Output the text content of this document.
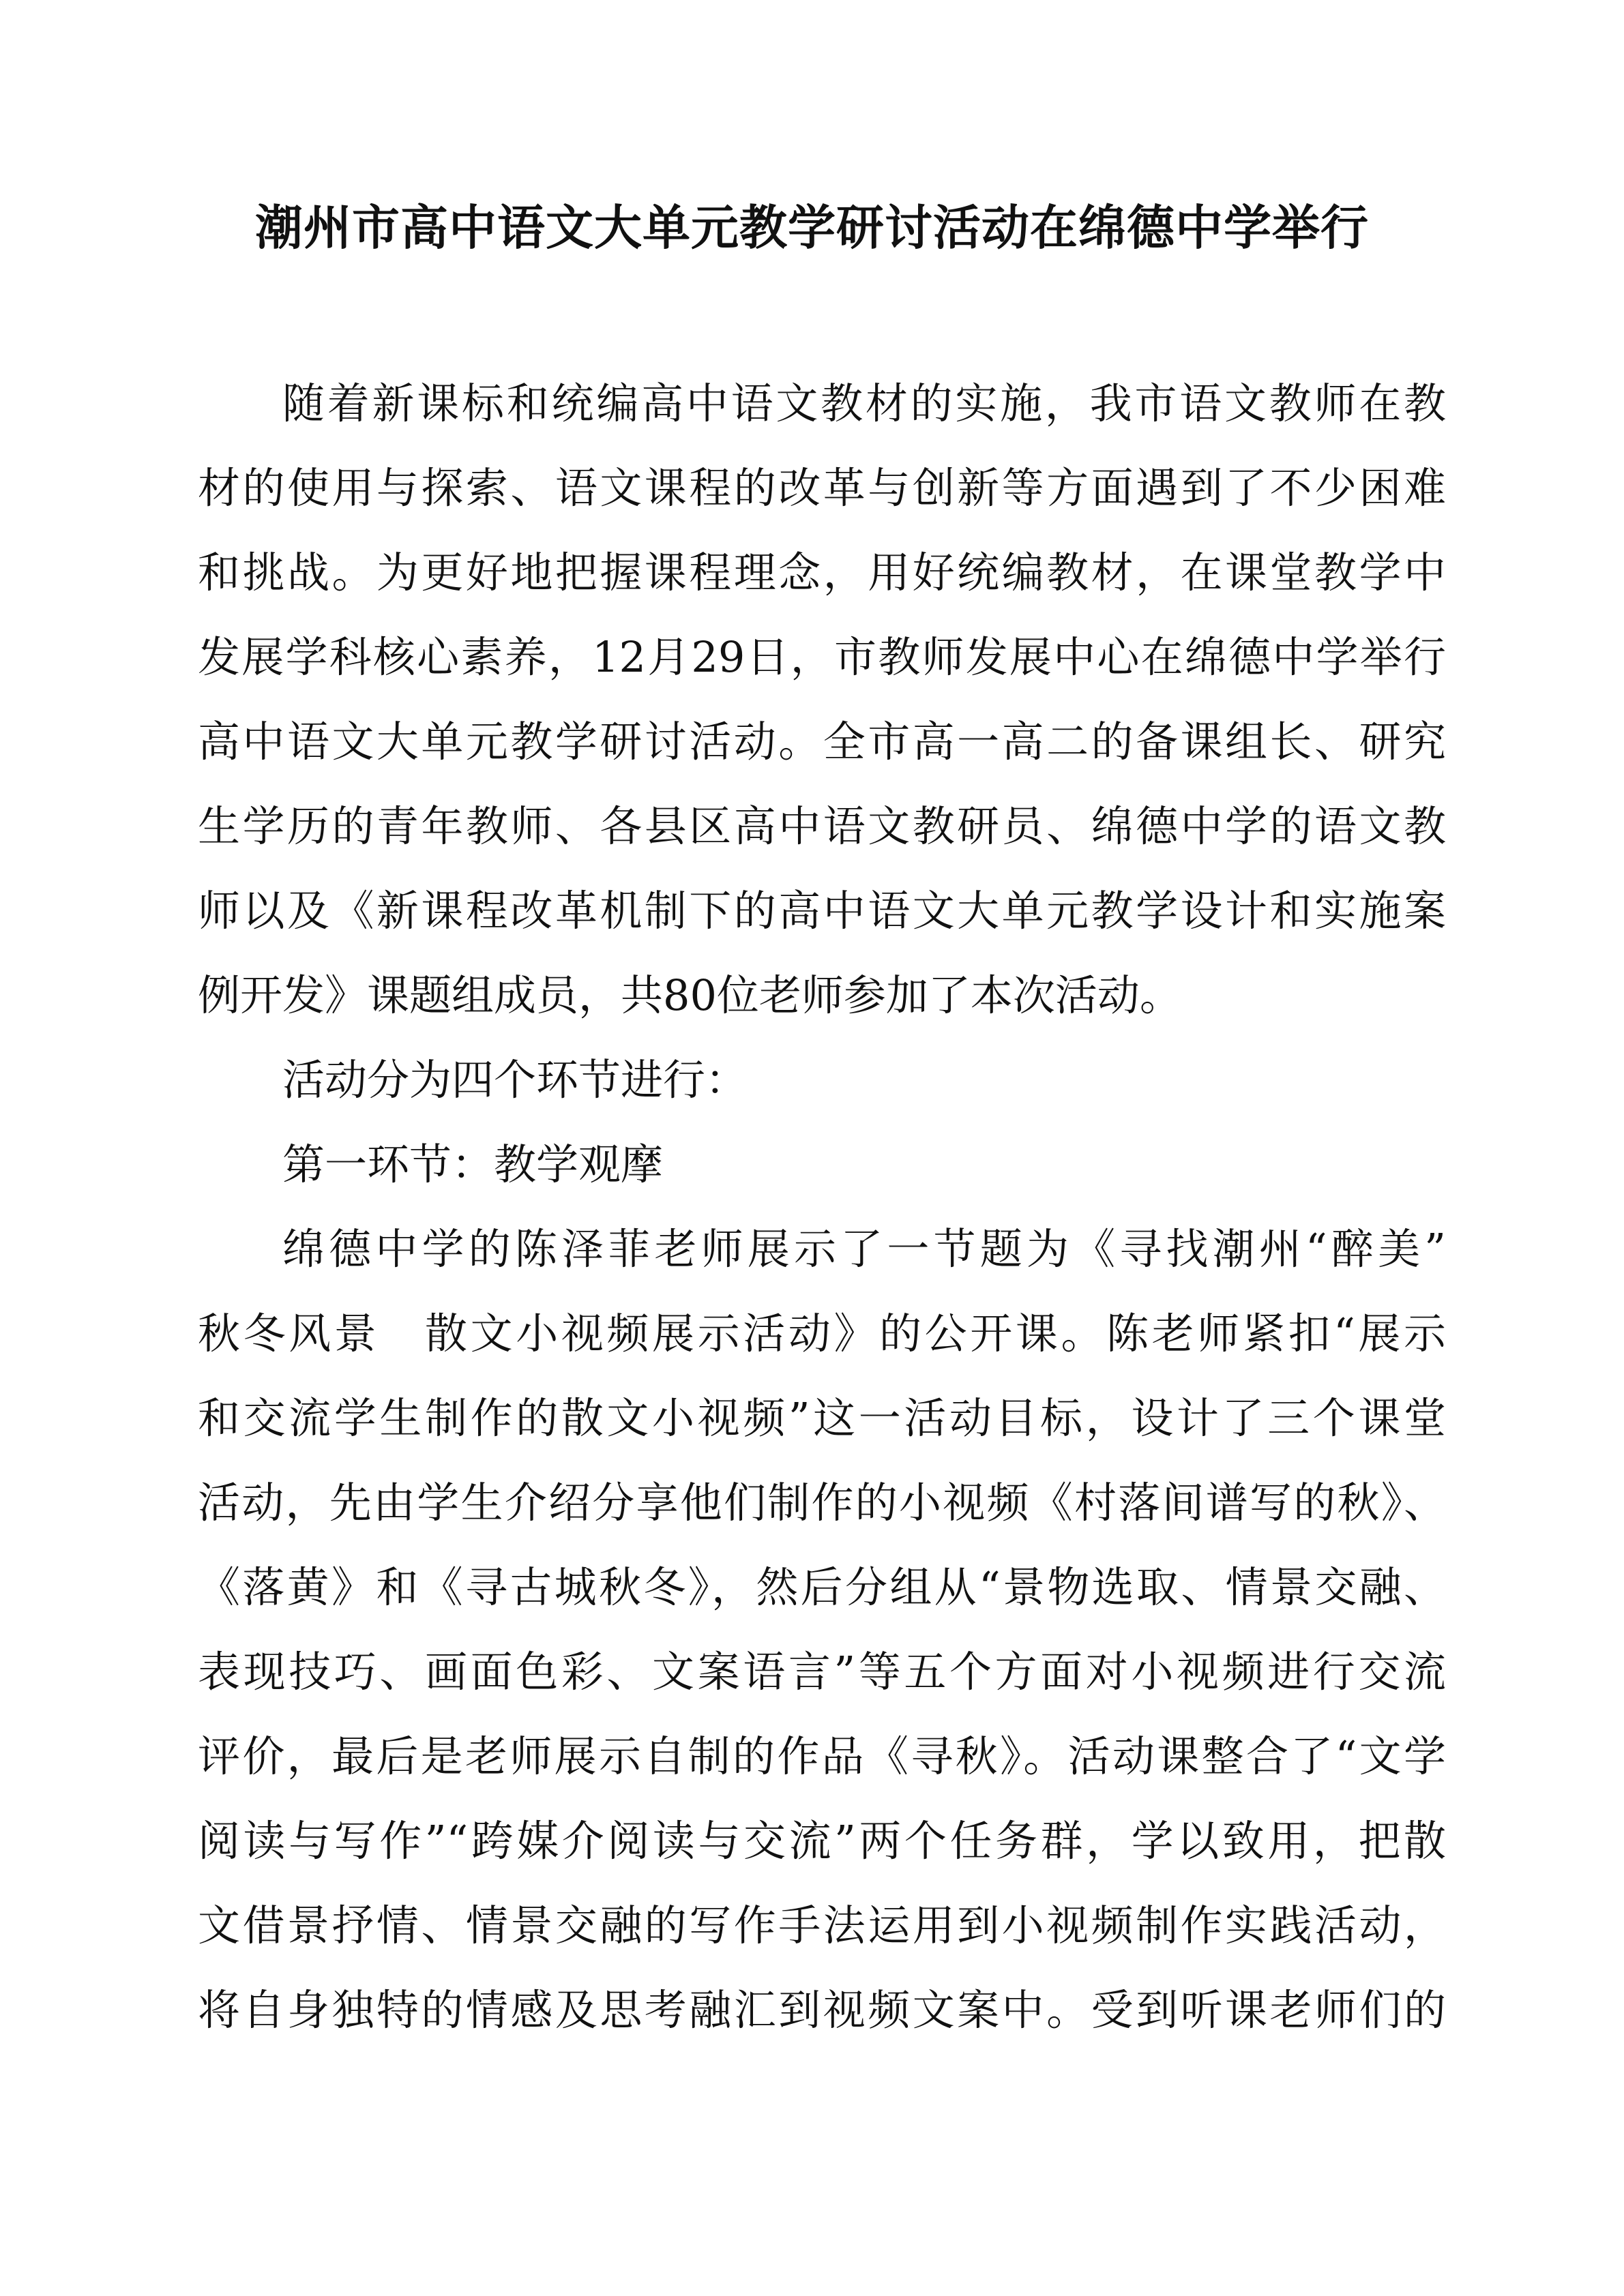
潮州市高中语文大单元教学研讨活动在绵德中学举行
随着新课标和统编高中语文教材的实施，我市语文教师在教
材的使用与探索、语文课程的改革与创新等方面遇到了不少困难
和挑战。为更好地把握课程理念，用好统编教材，在课堂教学中
发展学科核心素养，12月29日，市教师发展中心在绵德中学举行
高中语文大单元教学研讨活动。全市高一高二的备课组长、研究
生学历的青年教师、各县区高中语文教研员、绵德中学的语文教
师以及《新课程改革机制下的高中语文大单元教学设计和实施案
例开发》课题组成员，共80位老师参加了本次活动。
活动分为四个环节进行：
第一环节：教学观摩
绵德中学的陈泽菲老师展示了一节题为《寻找潮州“醉美”
秋冬风景　散文小视频展示活动》的公开课。陈老师紧扣“展示
和交流学生制作的散文小视频”这一活动目标，设计了三个课堂
活动，先由学生介绍分享他们制作的小视频《村落间谱写的秋》、
《落黄》和《寻古城秋冬》，然后分组从“景物选取、情景交融、
表现技巧、画面色彩、文案语言”等五个方面对小视频进行交流
评价，最后是老师展示自制的作品《寻秋》。活动课整合了“文学
阅读与写作”“跨媒介阅读与交流”两个任务群，学以致用，把散
文借景抒情、情景交融的写作手法运用到小视频制作实践活动，
将自身独特的情感及思考融汇到视频文案中。受到听课老师们的
